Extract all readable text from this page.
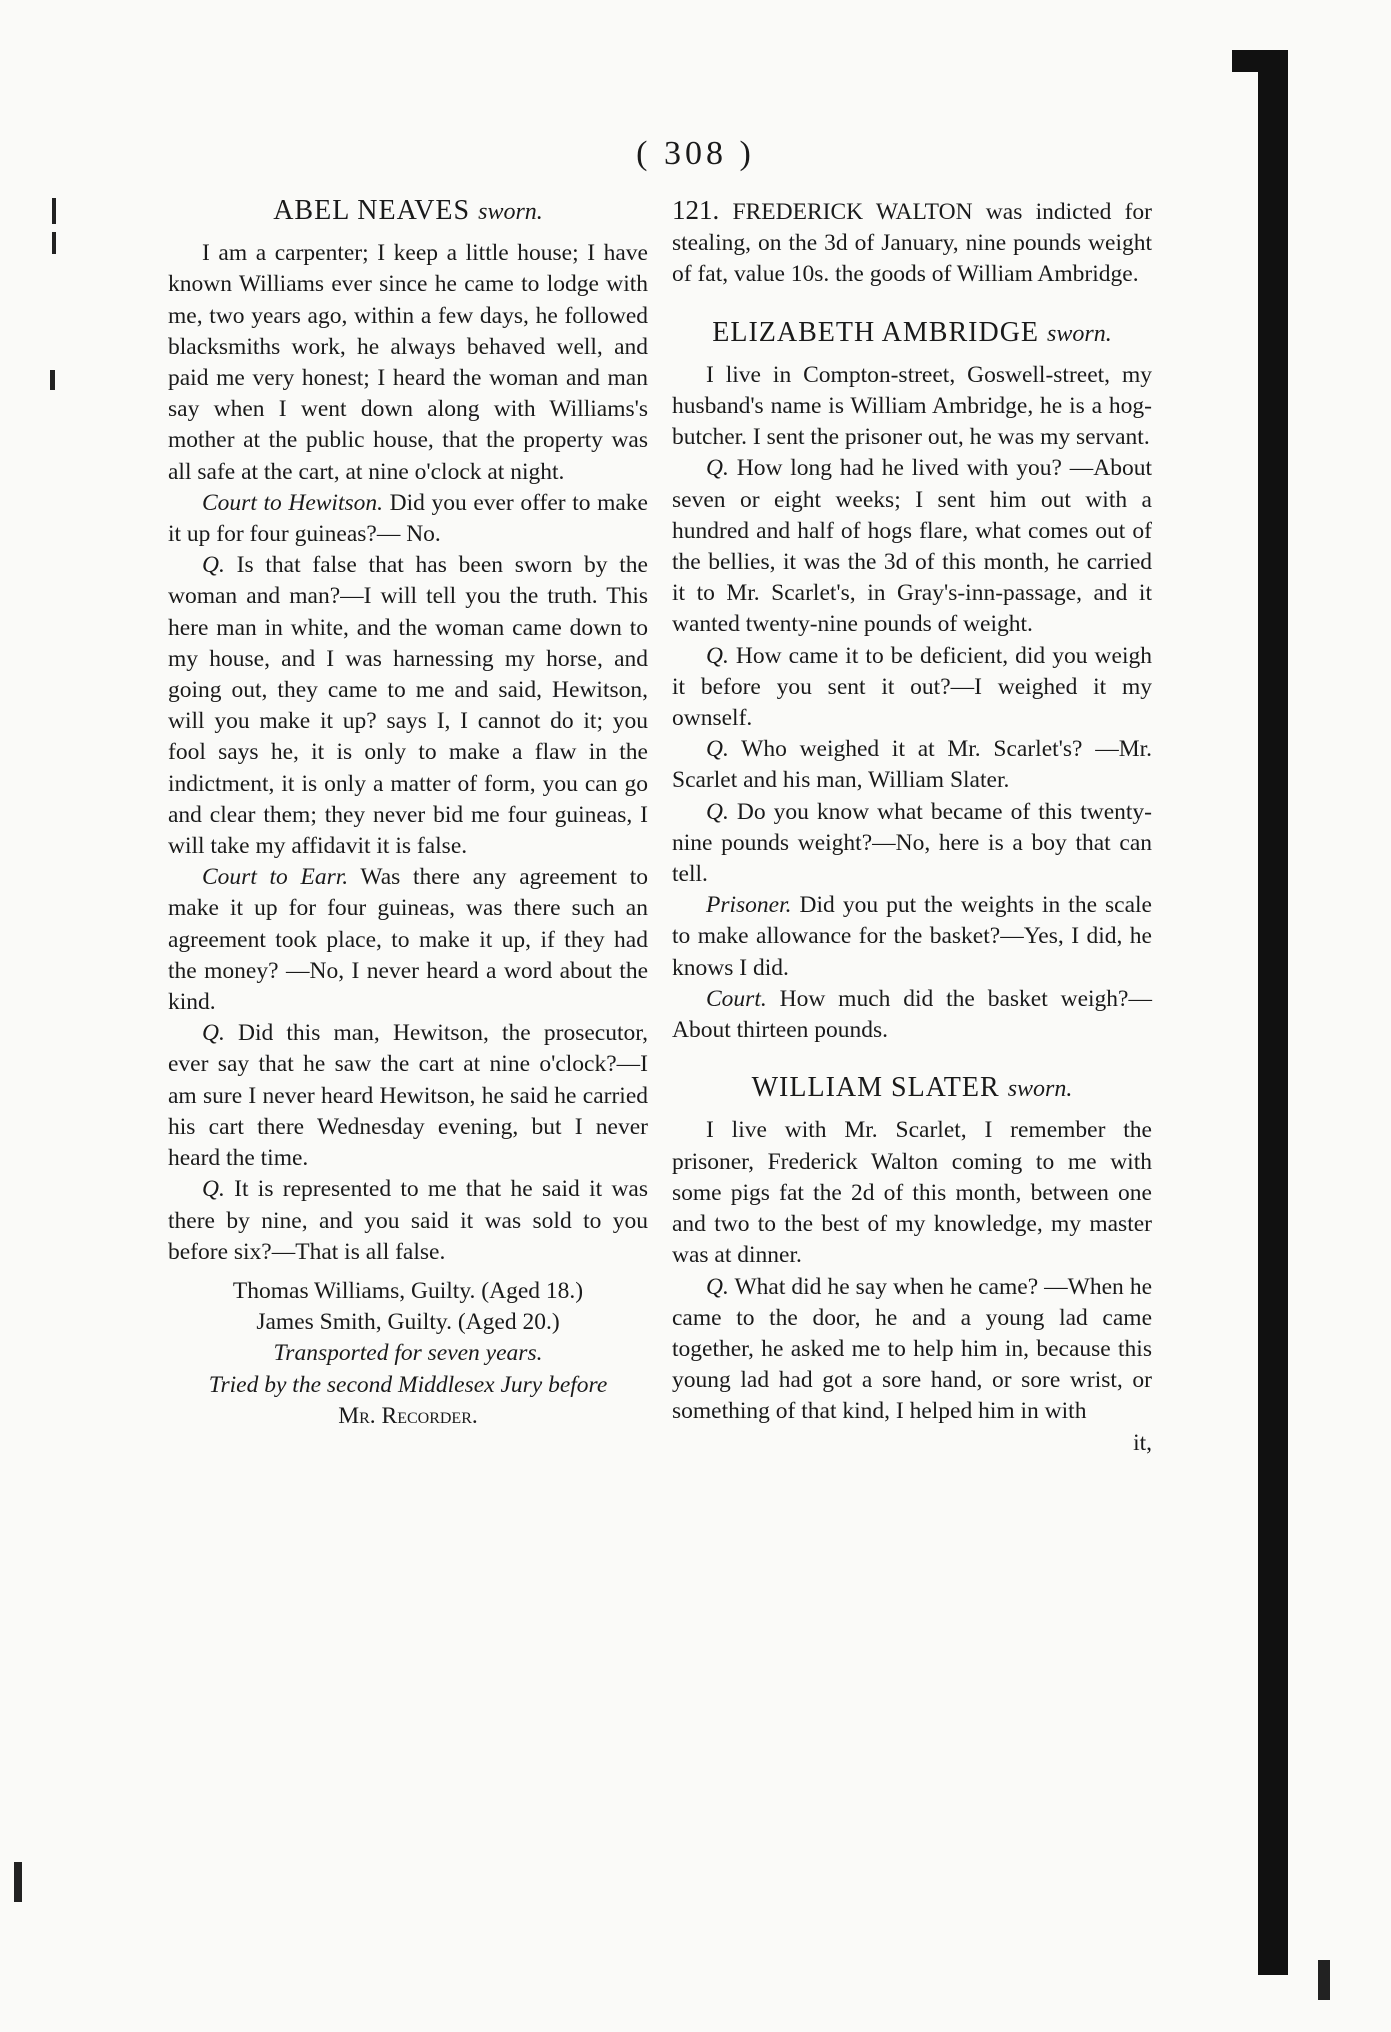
( 308 )

ABEL NEAVES sworn.

I am a carpenter; I keep a little house; I have known Williams ever since he came to lodge with me, two years ago, within a few days, he followed blacksmiths work, he always behaved well, and paid me very honest; I heard the woman and man say when I went down along with Williams's mother at the public house, that the property was all safe at the cart, at nine o'clock at night.

Court to Hewitson. Did you ever offer to make it up for four guineas?— No.

Q. Is that false that has been sworn by the woman and man?—I will tell you the truth. This here man in white, and the woman came down to my house, and I was harnessing my horse, and going out, they came to me and said, Hewitson, will you make it up? says I, I cannot do it; you fool says he, it is only to make a flaw in the indictment, it is only a matter of form, you can go and clear them; they never bid me four guineas, I will take my affidavit it is false.

Court to Earr. Was there any agreement to make it up for four guineas, was there such an agreement took place, to make it up, if they had the money? —No, I never heard a word about the kind.

Q. Did this man, Hewitson, the prosecutor, ever say that he saw the cart at nine o'clock?—I am sure I never heard Hewitson, he said he carried his cart there Wednesday evening, but I never heard the time.

Q. It is represented to me that he said it was there by nine, and you said it was sold to you before six?—That is all false.

Thomas Williams, Guilty. (Aged 18.)
James Smith, Guilty. (Aged 20.)
Transported for seven years.
Tried by the second Middlesex Jury before
Mr. Recorder.

121. FREDERICK WALTON was indicted for stealing, on the 3d of January, nine pounds weight of fat, value 10s. the goods of William Ambridge.

ELIZABETH AMBRIDGE sworn.

I live in Compton-street, Goswell-street, my husband's name is William Ambridge, he is a hog-butcher. I sent the prisoner out, he was my servant.

Q. How long had he lived with you? —About seven or eight weeks; I sent him out with a hundred and half of hogs flare, what comes out of the bellies, it was the 3d of this month, he carried it to Mr. Scarlet's, in Gray's-inn-passage, and it wanted twenty-nine pounds of weight.

Q. How came it to be deficient, did you weigh it before you sent it out?—I weighed it my ownself.

Q. Who weighed it at Mr. Scarlet's? —Mr. Scarlet and his man, William Slater.

Q. Do you know what became of this twenty-nine pounds weight?—No, here is a boy that can tell.

Prisoner. Did you put the weights in the scale to make allowance for the basket?—Yes, I did, he knows I did.

Court. How much did the basket weigh?—About thirteen pounds.

WILLIAM SLATER sworn.

I live with Mr. Scarlet, I remember the prisoner, Frederick Walton coming to me with some pigs fat the 2d of this month, between one and two to the best of my knowledge, my master was at dinner.

Q. What did he say when he came? —When he came to the door, he and a young lad came together, he asked me to help him in, because this young lad had got a sore hand, or sore wrist, or something of that kind, I helped him in with

it,
